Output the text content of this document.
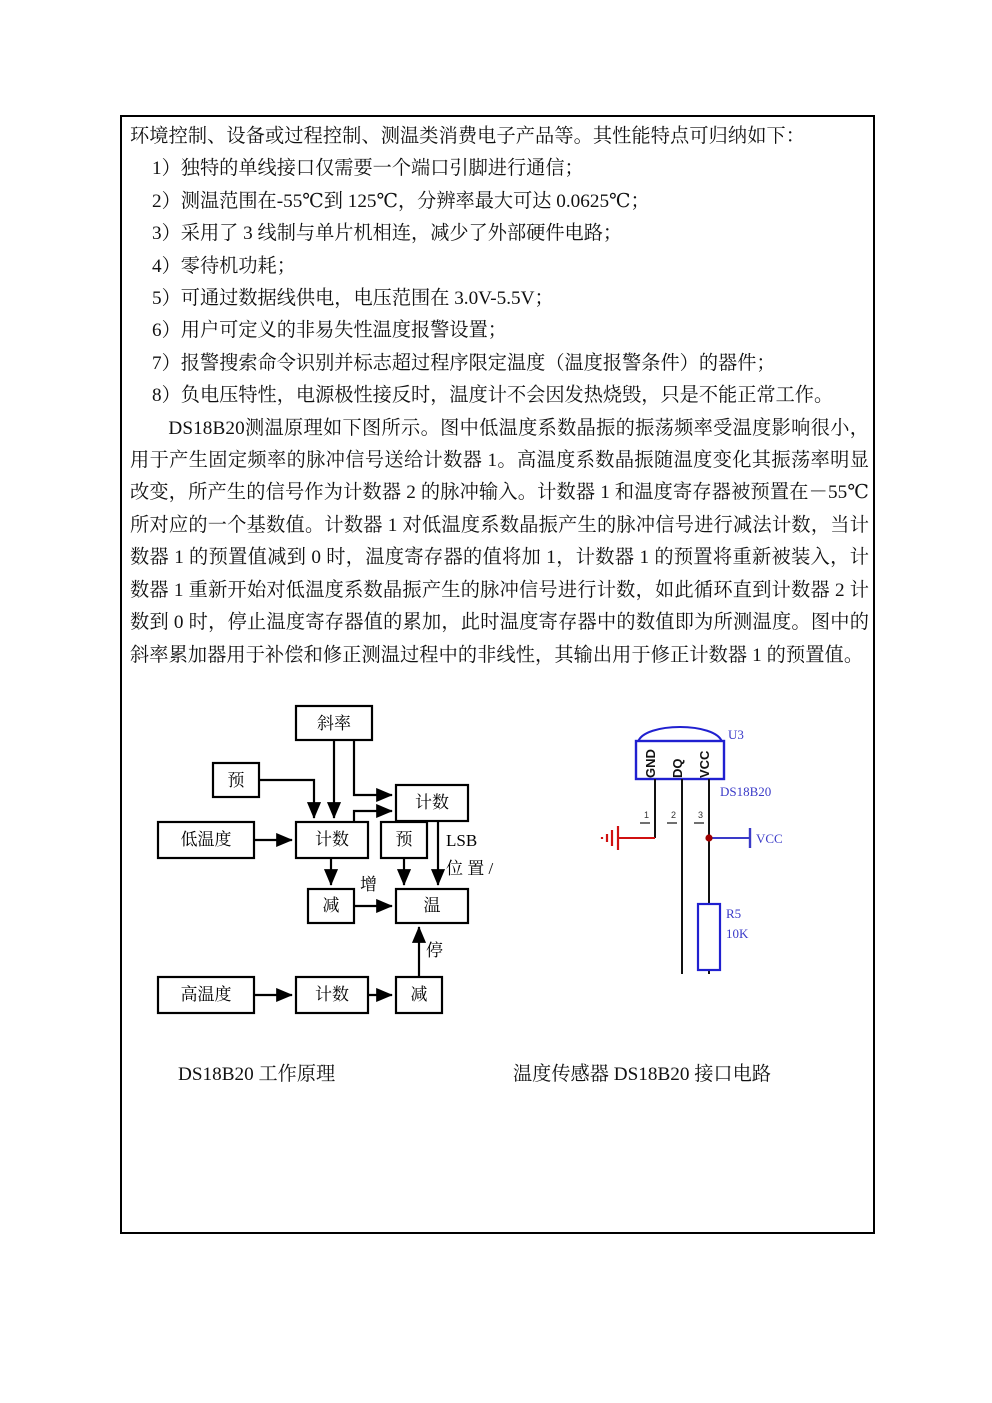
环境控制、设备或过程控制、测温类消费电子产品等。其性能特点可归纳如下：

1）独特的单线接口仅需要一个端口引脚进行通信；
2）测温范围在-55℃到 125℃，分辨率最大可达 0.0625℃；
3）采用了 3 线制与单片机相连，减少了外部硬件电路；
4）零待机功耗；
5）可通过数据线供电，电压范围在 3.0V-5.5V；
6）用户可定义的非易失性温度报警设置；
7）报警搜索命令识别并标志超过程序限定温度（温度报警条件）的器件；
8）负电压特性，电源极性接反时，温度计不会因发热烧毁，只是不能正常工作。

DS18B20测温原理如下图所示。图中低温度系数晶振的振荡频率受温度影响很小，用于产生固定频率的脉冲信号送给计数器 1。高温度系数晶振随温度变化其振荡率明显改变，所产生的信号作为计数器 2 的脉冲输入。计数器 1 和温度寄存器被预置在－55℃所对应的一个基数值。计数器 1 对低温度系数晶振产生的脉冲信号进行减法计数，当计数器 1 的预置值减到 0 时，温度寄存器的值将加 1，计数器 1 的预置将重新被装入，计数器 1 重新开始对低温度系数晶振产生的脉冲信号进行计数，如此循环直到计数器 2 计数到 0 时，停止温度寄存器值的累加，此时温度寄存器中的数值即为所测温度。图中的斜率累加器用于补偿和修正测温过程中的非线性，其输出用于修正计数器 1 的预置值。

斜率
预
计数
低温度	计数	预
减	温
高温度	计数	减
LSB
位 置 /
增
停
GND DQ VCC
U3
DS18B20
1 2 3
VCC
R5
10K
DS18B20 工作原理	温度传感器 DS18B20 接口电路
